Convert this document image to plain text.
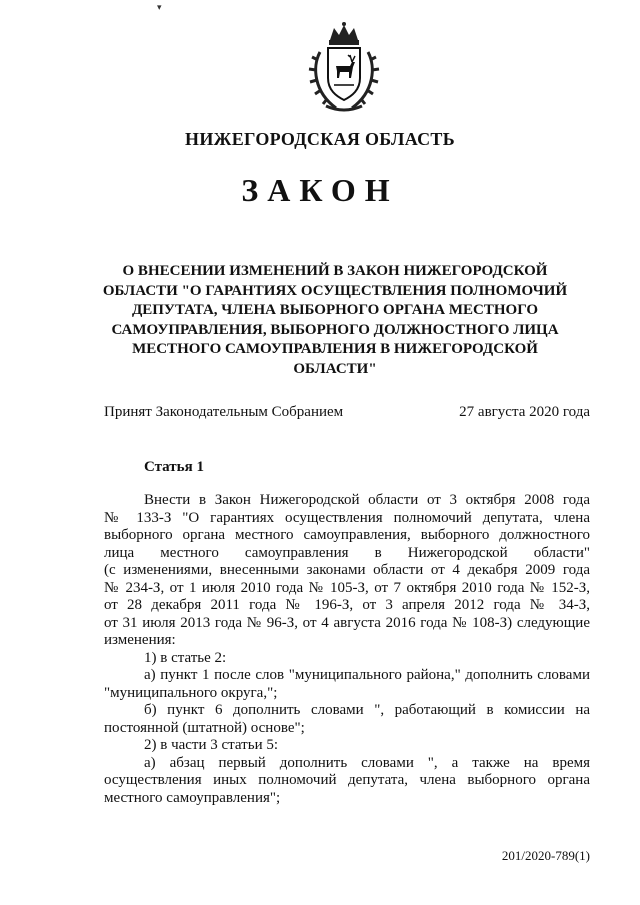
▾
НИЖЕГОРОДСКАЯ ОБЛАСТЬ
ЗАКОН
О ВНЕСЕНИИ ИЗМЕНЕНИЙ В ЗАКОН НИЖЕГОРОДСКОЙ
ОБЛАСТИ "О ГАРАНТИЯХ ОСУЩЕСТВЛЕНИЯ ПОЛНОМОЧИЙ
ДЕПУТАТА, ЧЛЕНА ВЫБОРНОГО ОРГАНА МЕСТНОГО
САМОУПРАВЛЕНИЯ, ВЫБОРНОГО ДОЛЖНОСТНОГО ЛИЦА
МЕСТНОГО САМОУПРАВЛЕНИЯ В НИЖЕГОРОДСКОЙ
ОБЛАСТИ"
Принят Законодательным Собранием	27 августа 2020 года
Статья 1
Внести в Закон Нижегородской области от 3 октября 2008 года
№ 133-З "О гарантиях осуществления полномочий депутата, члена
выборного органа местного самоуправления, выборного должностного
лица местного самоуправления в Нижегородской области"
(с изменениями, внесенными законами области от 4 декабря 2009 года
№ 234-З, от 1 июля 2010 года № 105-З, от 7 октября 2010 года № 152-З,
от 28 декабря 2011 года № 196-З, от 3 апреля 2012 года № 34-З,
от 31 июля 2013 года № 96-З, от 4 августа 2016 года № 108-З) следующие
изменения:
1) в статье 2:
а) пункт 1 после слов "муниципального района," дополнить словами
"муниципального округа,";
б) пункт 6 дополнить словами ", работающий в комиссии на
постоянной (штатной) основе";
2) в части 3 статьи 5:
а) абзац первый дополнить словами ", а также на время
осуществления иных полномочий депутата, члена выборного органа
местного самоуправления";
201/2020-789(1)
